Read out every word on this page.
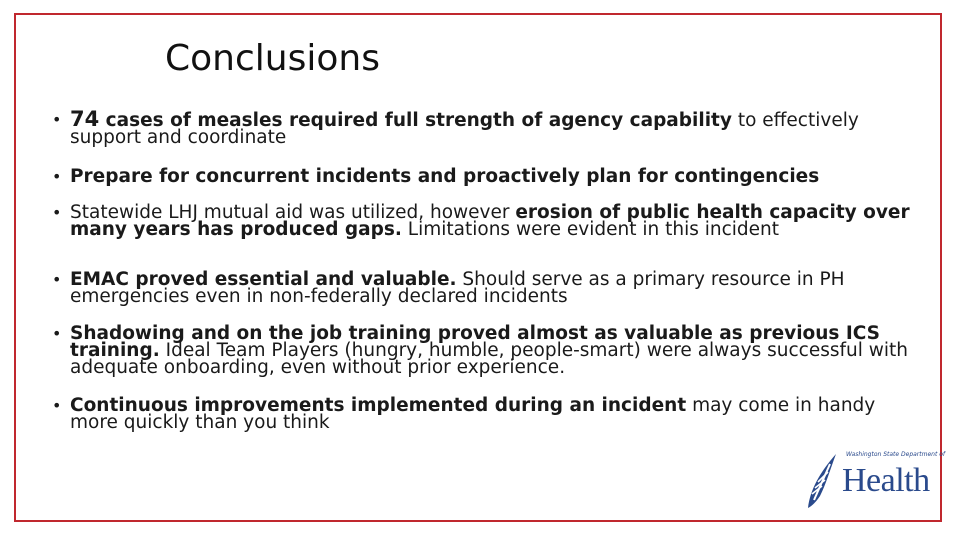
Conclusions
• 74 cases of measles required full strength of agency capability to effectively support and coordinate
• Prepare for concurrent incidents and proactively plan for contingencies
• Statewide LHJ mutual aid was utilized, however erosion of public health capacity over many years has produced gaps. Limitations were evident in this incident
• EMAC proved essential and valuable. Should serve as a primary resource in PH emergencies even in non-federally declared incidents
• Shadowing and on the job training proved almost as valuable as previous ICS training. Ideal Team Players (hungry, humble, people-smart) were always successful with adequate onboarding, even without prior experience.
• Continuous improvements implemented during an incident may come in handy more quickly than you think
Health
Washington State Department of
